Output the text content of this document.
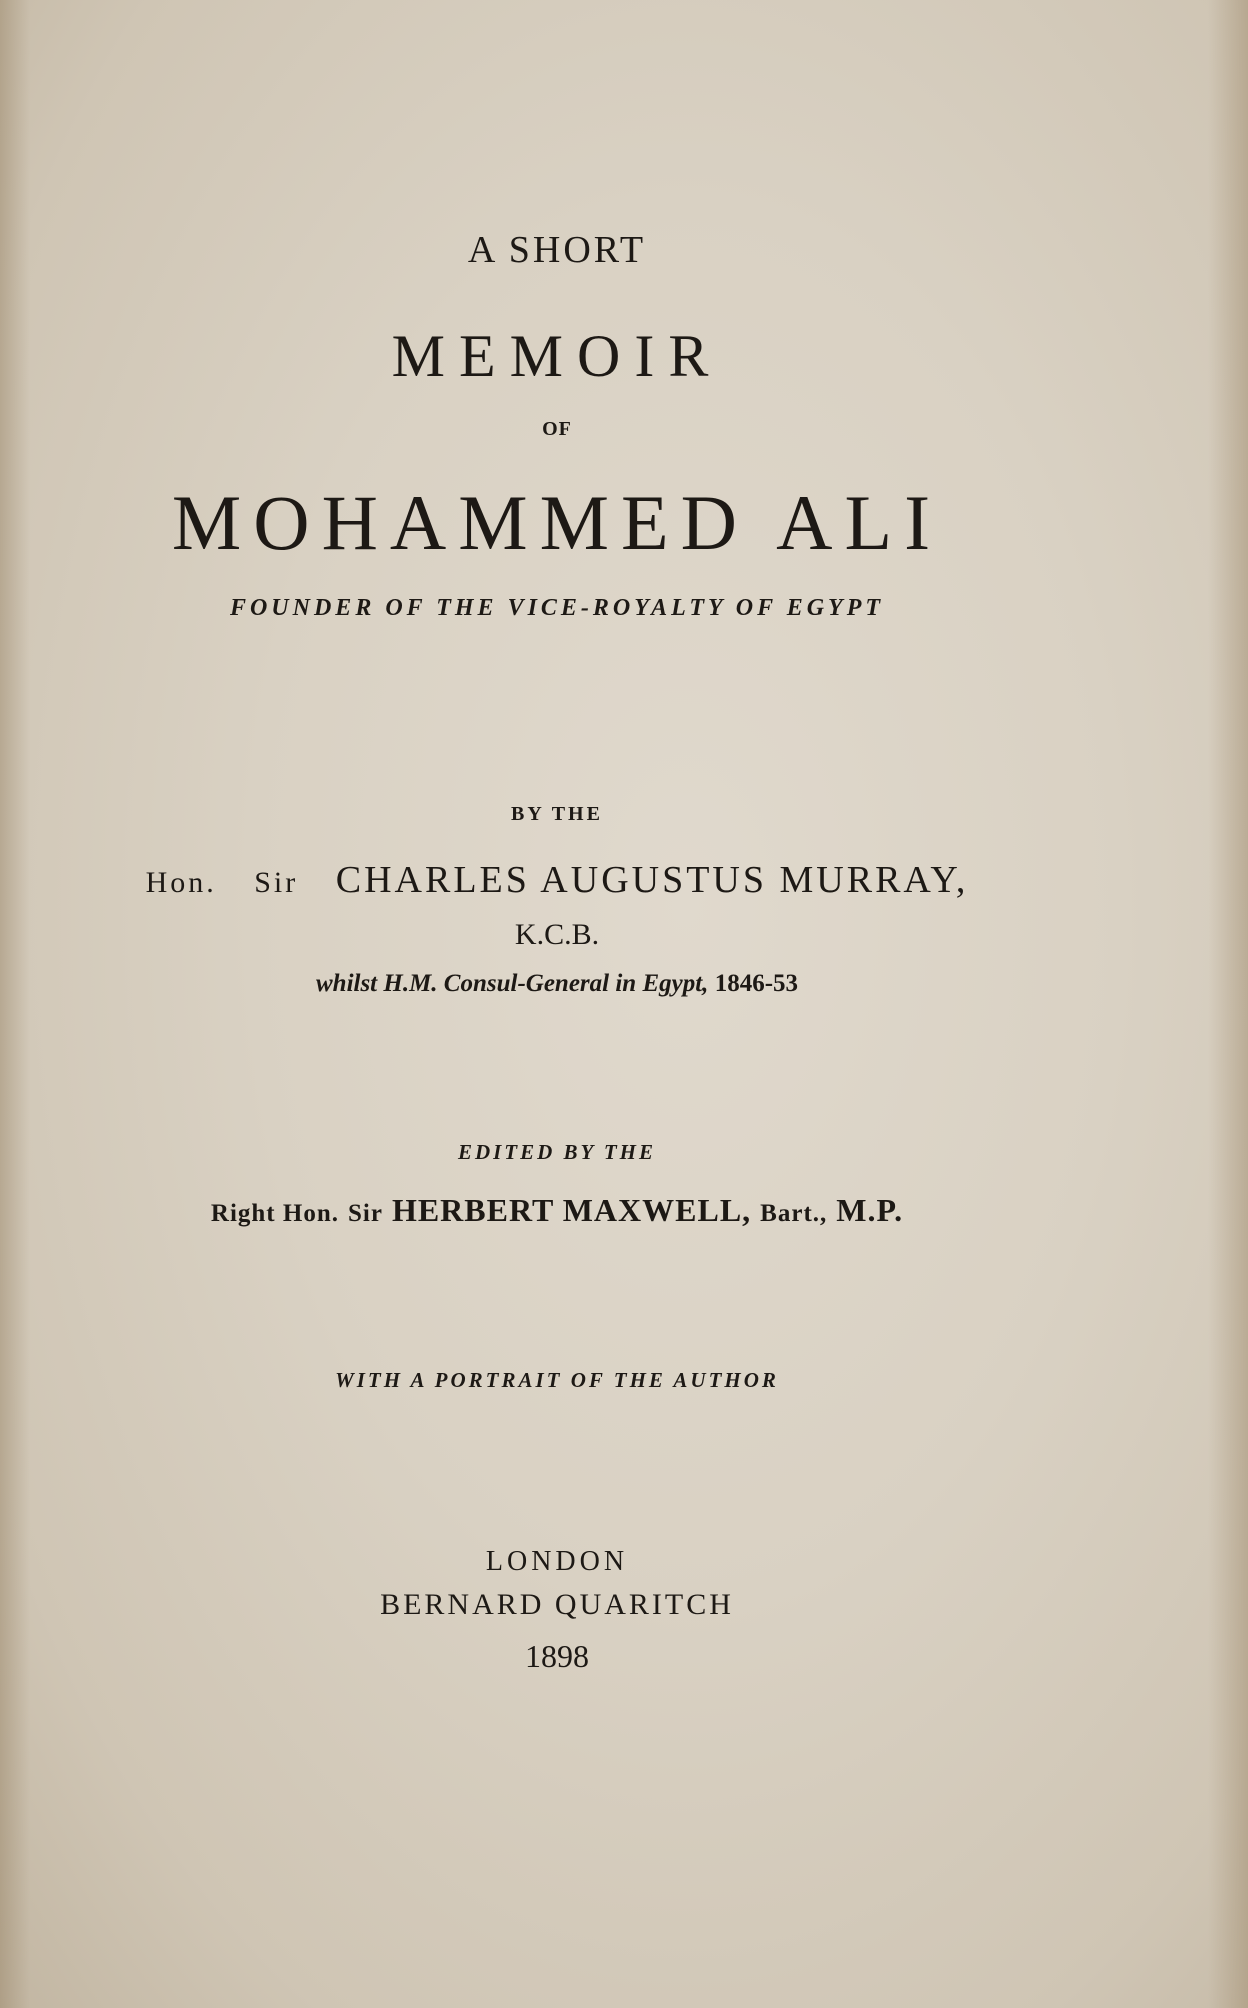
A SHORT
MEMOIR
OF
MOHAMMED ALI
FOUNDER OF THE VICE-ROYALTY OF EGYPT
BY THE
Hon. Sir CHARLES AUGUSTUS MURRAY,
K.C.B.
whilst H.M. Consul-General in Egypt, 1846-53
EDITED BY THE
Right Hon. Sir HERBERT MAXWELL, Bart., M.P.
WITH A PORTRAIT OF THE AUTHOR
LONDON
BERNARD QUARITCH
1898
